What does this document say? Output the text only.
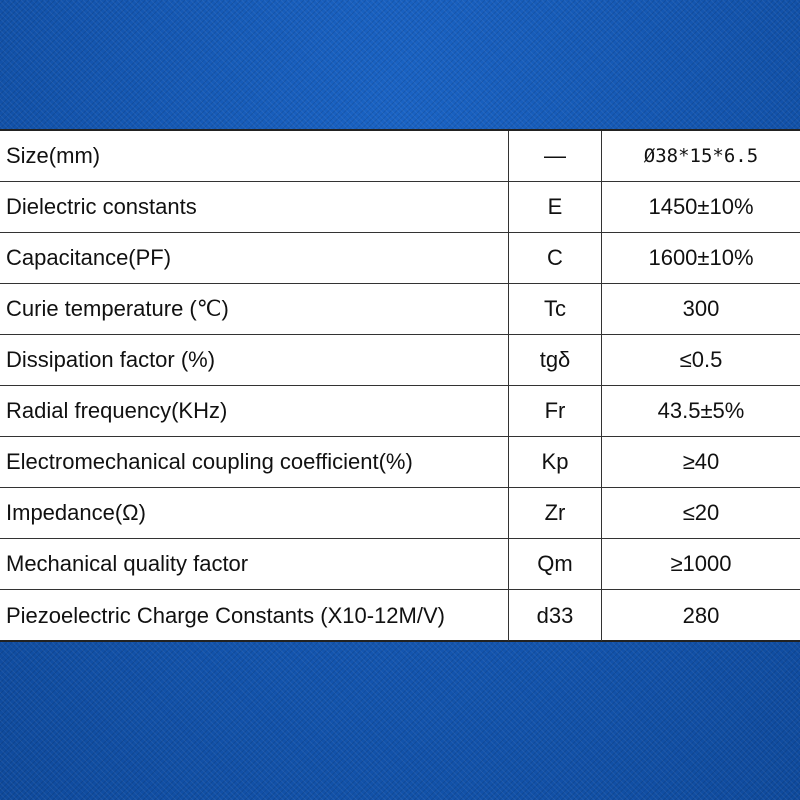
Size(mm)	—	Ø38*15*6.5
Dielectric constants	E	1450±10%
Capacitance(PF)	C	1600±10%
Curie temperature (℃)	Tc	300
Dissipation factor (%)	tgδ	≤0.5
Radial frequency(KHz)	Fr	43.5±5%
Electromechanical coupling coefficient(%)	Kp	≥40
Impedance(Ω)	Zr	≤20
Mechanical quality factor	Qm	≥1000
Piezoelectric Charge Constants (X10-12M/V)	d33	280
